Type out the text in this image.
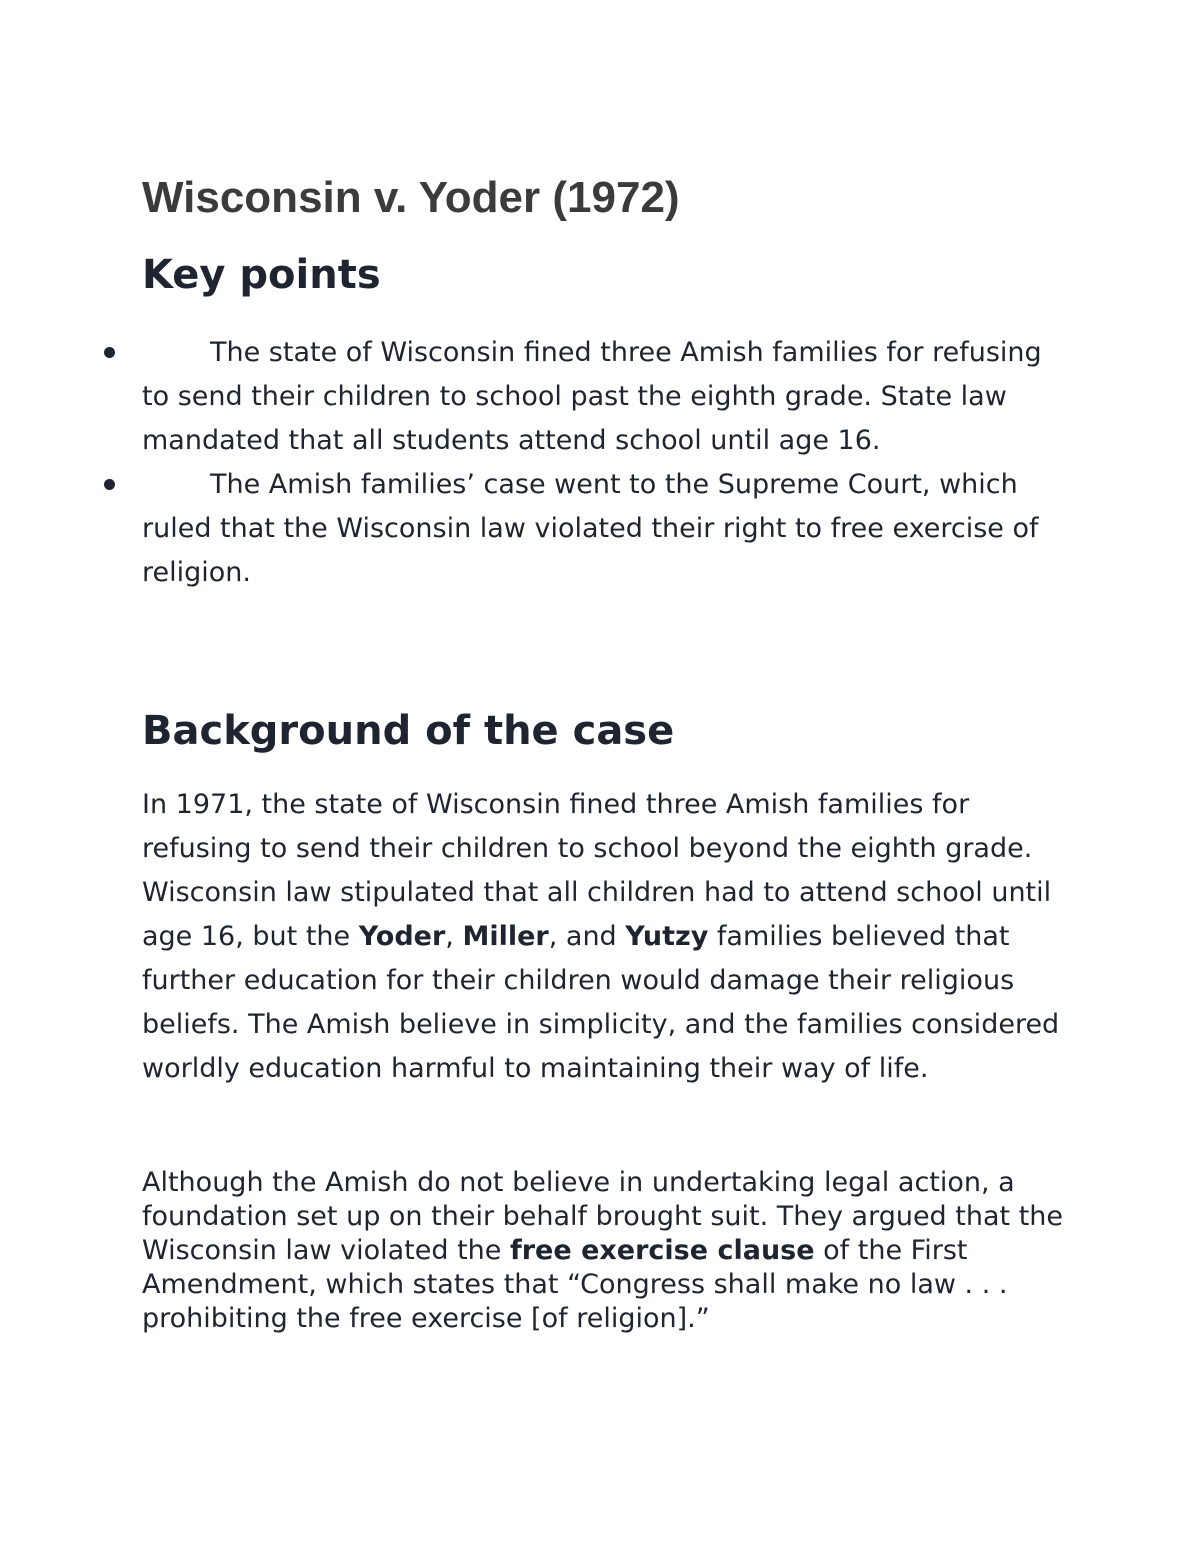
Wisconsin v. Yoder (1972)
Key points
The state of Wisconsin fined three Amish families for refusing to send their children to school past the eighth grade. State law mandated that all students attend school until age 16.
The Amish families’ case went to the Supreme Court, which ruled that the Wisconsin law violated their right to free exercise of religion.
Background of the case

In 1971, the state of Wisconsin fined three Amish families for refusing to send their children to school beyond the eighth grade. Wisconsin law stipulated that all children had to attend school until age 16, but the Yoder, Miller, and Yutzy families believed that further education for their children would damage their religious beliefs. The Amish believe in simplicity, and the families considered worldly education harmful to maintaining their way of life.

Although the Amish do not believe in undertaking legal action, a foundation set up on their behalf brought suit. They argued that the Wisconsin law violated the free exercise clause of the First Amendment, which states that “Congress shall make no law . . . prohibiting the free exercise [of religion].”
